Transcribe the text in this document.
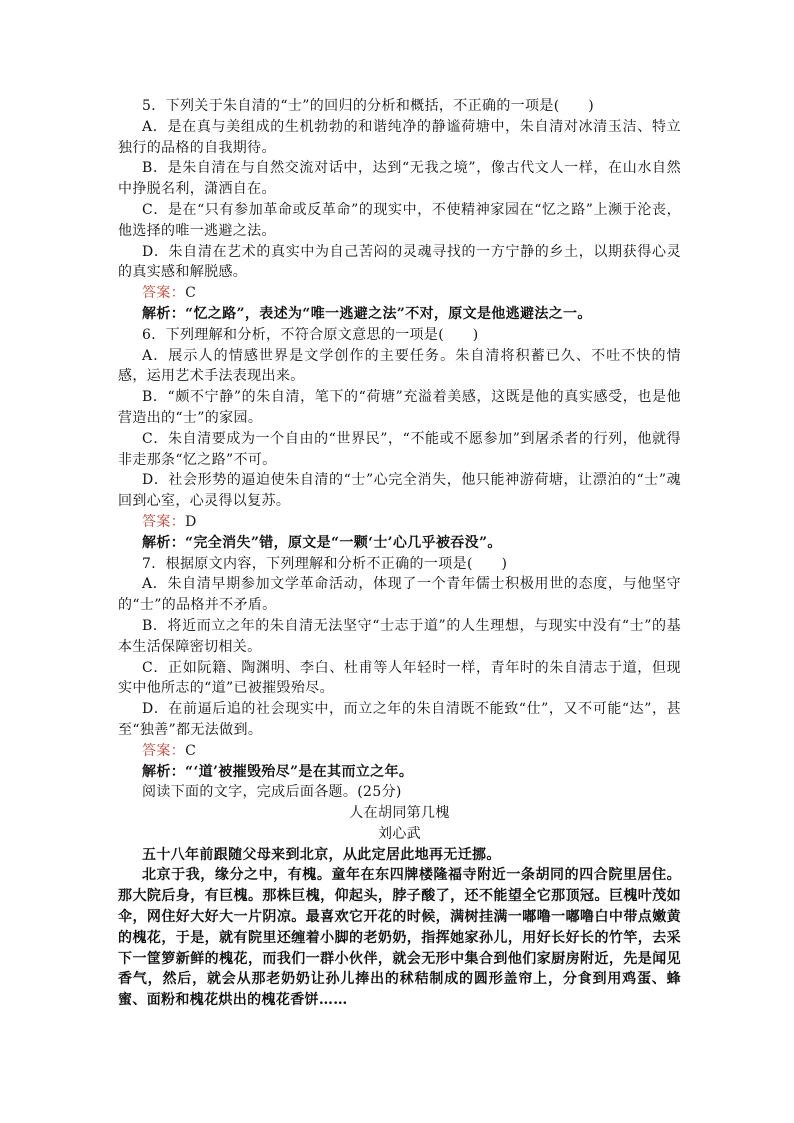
5．下列关于朱自清的“士”的回归的分析和概括，不正确的一项是(　　)

A．是在真与美组成的生机勃勃的和谐纯净的静谧荷塘中，朱自清对冰清玉洁、特立独行的品格的自我期待。

B．是朱自清在与自然交流对话中，达到“无我之境”，像古代文人一样，在山水自然中挣脱名利，潇洒自在。

C．是在“只有参加革命或反革命”的现实中，不使精神家园在“忆之路”上濒于沦丧，他选择的唯一逃避之法。

D．朱自清在艺术的真实中为自己苦闷的灵魂寻找的一方宁静的乡土，以期获得心灵的真实感和解脱感。

答案：C

解析：“忆之路”，表述为“唯一逃避之法”不对，原文是他逃避法之一。

6．下列理解和分析，不符合原文意思的一项是(　　)

A．展示人的情感世界是文学创作的主要任务。朱自清将积蓄已久、不吐不快的情感，运用艺术手法表现出来。

B．“颇不宁静”的朱自清，笔下的“荷塘”充溢着美感，这既是他的真实感受，也是他营造出的“士”的家园。

C．朱自清要成为一个自由的“世界民”，“不能或不愿参加”到屠杀者的行列，他就得非走那条“忆之路”不可。

D．社会形势的逼迫使朱自清的“士”心完全消失，他只能神游荷塘，让漂泊的“士”魂回到心室，心灵得以复苏。

答案：D

解析：“完全消失”错，原文是“一颗‘士’心几乎被吞没”。

7．根据原文内容，下列理解和分析不正确的一项是(　　)

A．朱自清早期参加文学革命活动，体现了一个青年儒士积极用世的态度，与他坚守的“士”的品格并不矛盾。

B．将近而立之年的朱自清无法坚守“士志于道”的人生理想，与现实中没有“士”的基本生活保障密切相关。

C．正如阮籍、陶渊明、李白、杜甫等人年轻时一样，青年时的朱自清志于道，但现实中他所志的“道”已被摧毁殆尽。

D．在前逼后追的社会现实中，而立之年的朱自清既不能致“仕”，又不可能“达”，甚至“独善”都无法做到。

答案：C

解析：“‘道’被摧毁殆尽”是在其而立之年。

阅读下面的文字，完成后面各题。(25分)

人在胡同第几槐

刘心武

五十八年前跟随父母来到北京，从此定居此地再无迁挪。

北京于我，缘分之中，有槐。童年在东四牌楼隆福寺附近一条胡同的四合院里居住。那大院后身，有巨槐。那株巨槐，仰起头，脖子酸了，还不能望全它那顶冠。巨槐叶茂如伞，网住好大好大一片阴凉。最喜欢它开花的时候，满树挂满一嘟噜一嘟噜白中带点嫩黄的槐花，于是，就有院里还缠着小脚的老奶奶，指挥她家孙儿，用好长好长的竹竿，去采下一筐箩新鲜的槐花，而我们一群小伙伴，就会无形中集合到他们家厨房附近，先是闻见香气，然后，就会从那老奶奶让孙儿捧出的秫秸制成的圆形盖帘上，分食到用鸡蛋、蜂蜜、面粉和槐花烘出的槐花香饼……
